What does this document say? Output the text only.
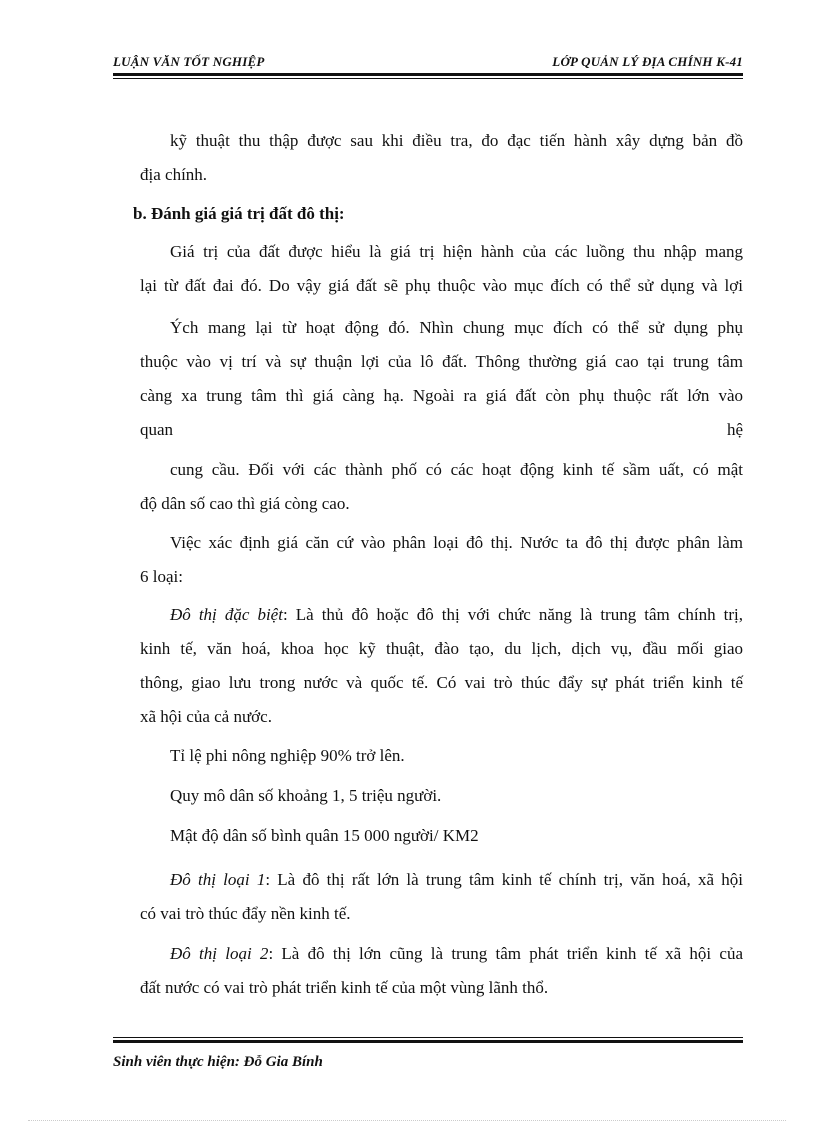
LUẬN VĂN TỐT NGHIỆP	LỚP QUẢN LÝ ĐỊA CHÍNH K-41
kỹ thuật thu thập được sau khi điều tra, đo đạc tiến hành xây dựng bản đồ
địa chính.
b. Đánh giá giá trị đất đô thị:
Giá trị của đất được hiểu là giá trị hiện hành của các luồng thu nhập mang
lại từ đất đai đó. Do vậy giá đất sẽ phụ thuộc vào mục đích có thể sử dụng và lợi
Ých mang lại từ hoạt động đó. Nhìn chung mục đích có thể sử dụng phụ
thuộc vào vị trí và sự thuận lợi của lô đất. Thông thường giá cao tại trung tâm
càng xa trung tâm thì giá càng hạ. Ngoài ra giá đất còn phụ thuộc rất lớn vào
quan	hệ
cung cầu. Đối với các thành phố có các hoạt động kinh tế sầm uất, có mật
độ dân số cao thì giá còng cao.
Việc xác định giá căn cứ vào phân loại đô thị. Nước ta đô thị được phân làm
6 loại:
Đô thị đặc biệt: Là thủ đô hoặc đô thị với chức năng là trung tâm chính trị,
kinh tế, văn hoá, khoa học kỹ thuật, đào tạo, du lịch, dịch vụ, đầu mối giao
thông, giao lưu trong nước và quốc tế. Có vai trò thúc đẩy sự phát triển kinh tế
xã hội của cả nước.
Tỉ lệ phi nông nghiệp 90% trở lên.
Quy mô dân số khoảng 1, 5 triệu người.
Mật độ dân số bình quân 15 000 người/ KM2
Đô thị loại 1: Là đô thị rất lớn là trung tâm kinh tế chính trị, văn hoá, xã hội
có vai trò thúc đẩy nền kinh tế.
Đô thị loại 2: Là đô thị lớn cũng là trung tâm phát triển kinh tế xã hội của
đất nước có vai trò phát triển kinh tế của một vùng lãnh thổ.
Sinh viên thực hiện: Đỗ Gia Bính
